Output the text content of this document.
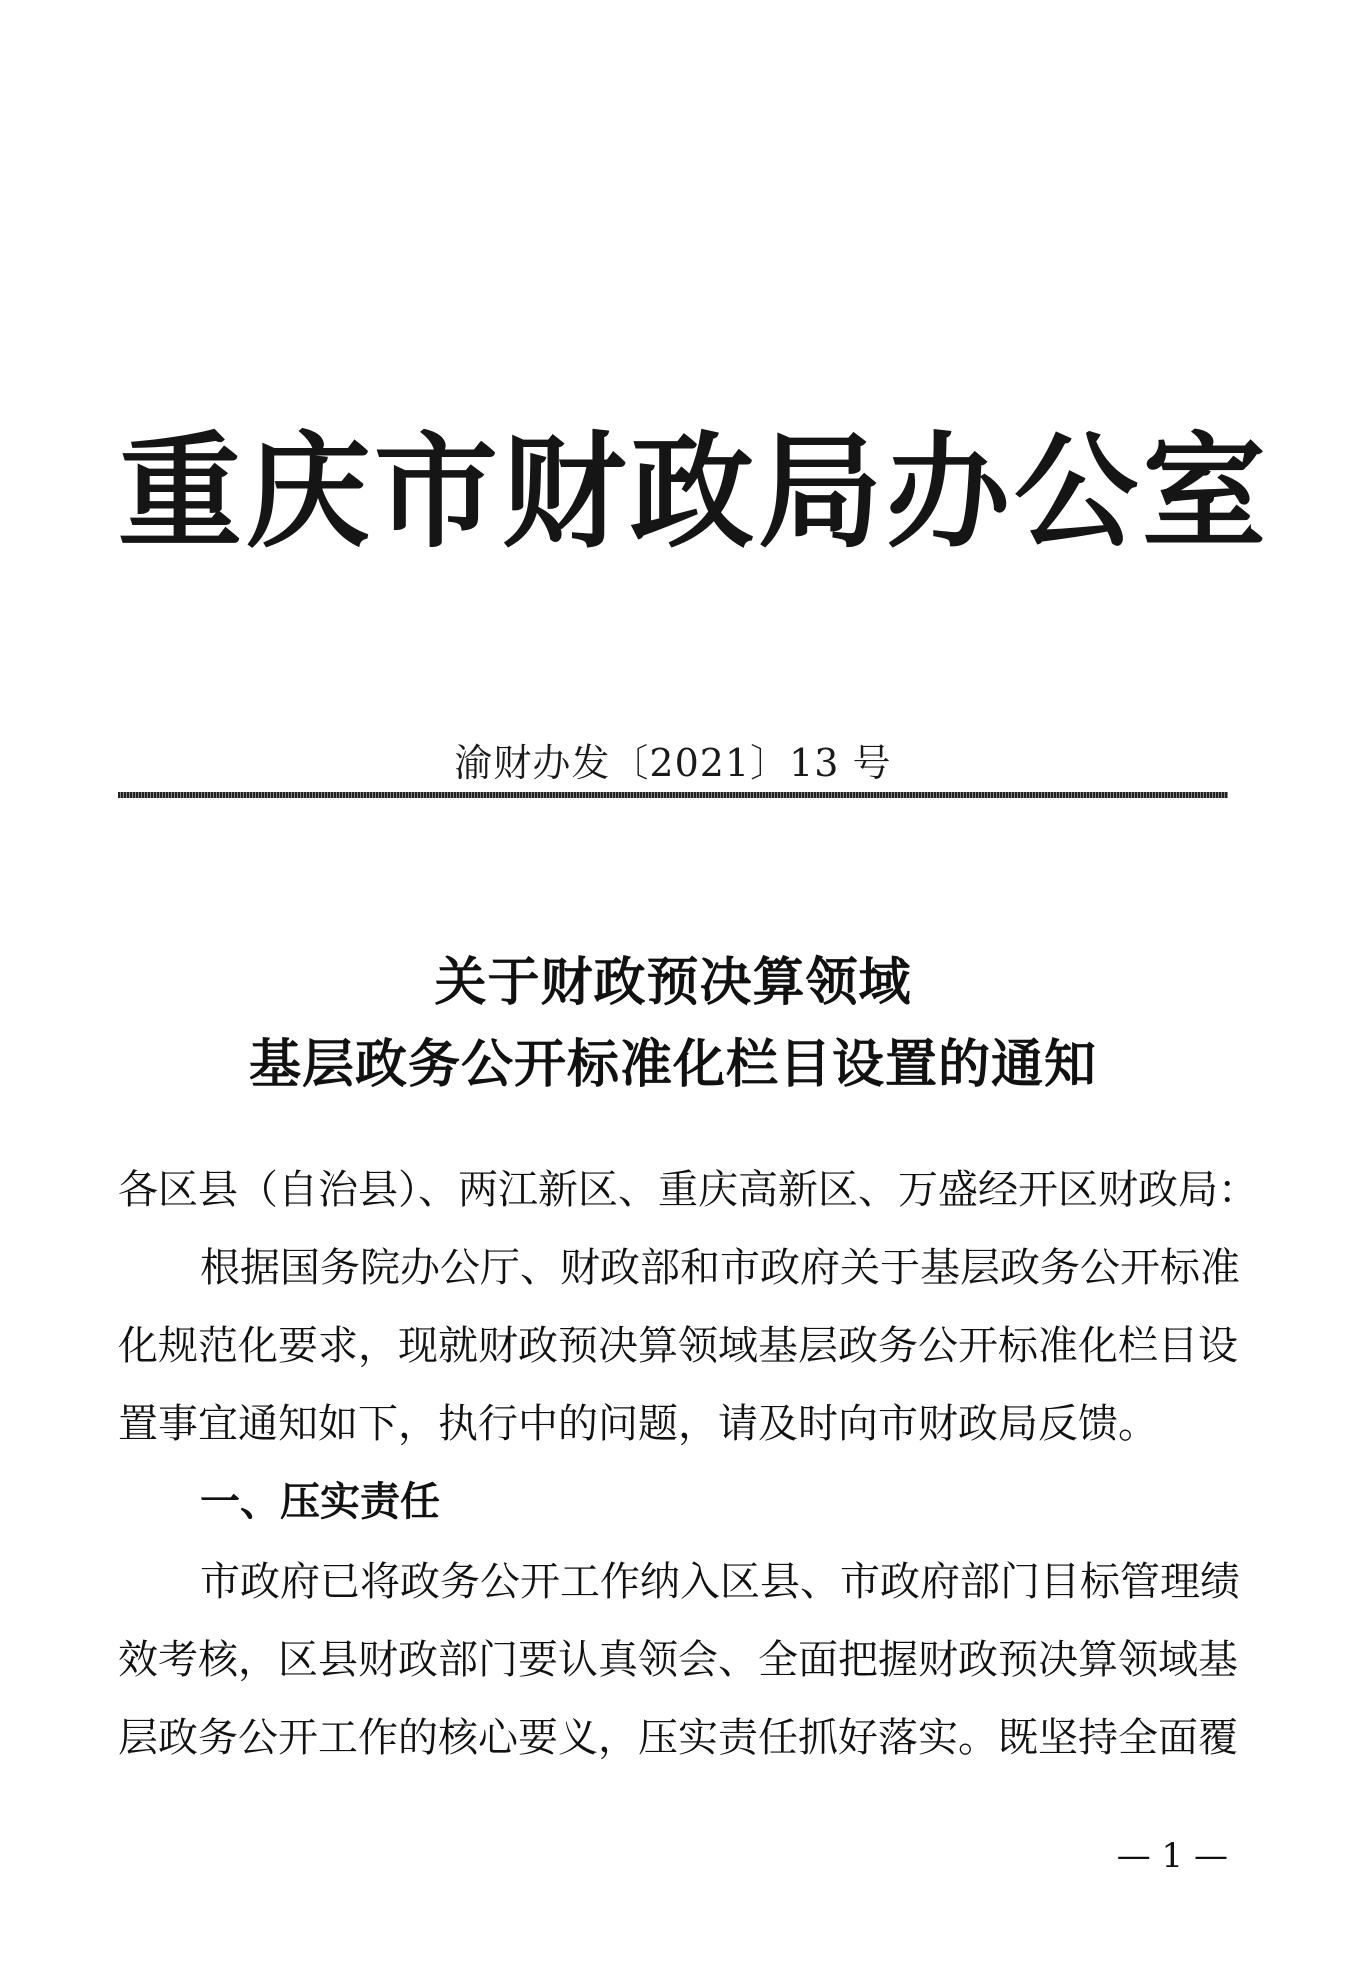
重庆市财政局办公室
渝财办发〔2021〕13 号
关于财政预决算领域
基层政务公开标准化栏目设置的通知
各区县（自治县）、两江新区、重庆高新区、万盛经开区财政局：
根据国务院办公厅、财政部和市政府关于基层政务公开标准
化规范化要求，现就财政预决算领域基层政务公开标准化栏目设
置事宜通知如下，执行中的问题，请及时向市财政局反馈。
一、压实责任
市政府已将政务公开工作纳入区县、市政府部门目标管理绩
效考核，区县财政部门要认真领会、全面把握财政预决算领域基
层政务公开工作的核心要义，压实责任抓好落实。既坚持全面覆
— 1 —
